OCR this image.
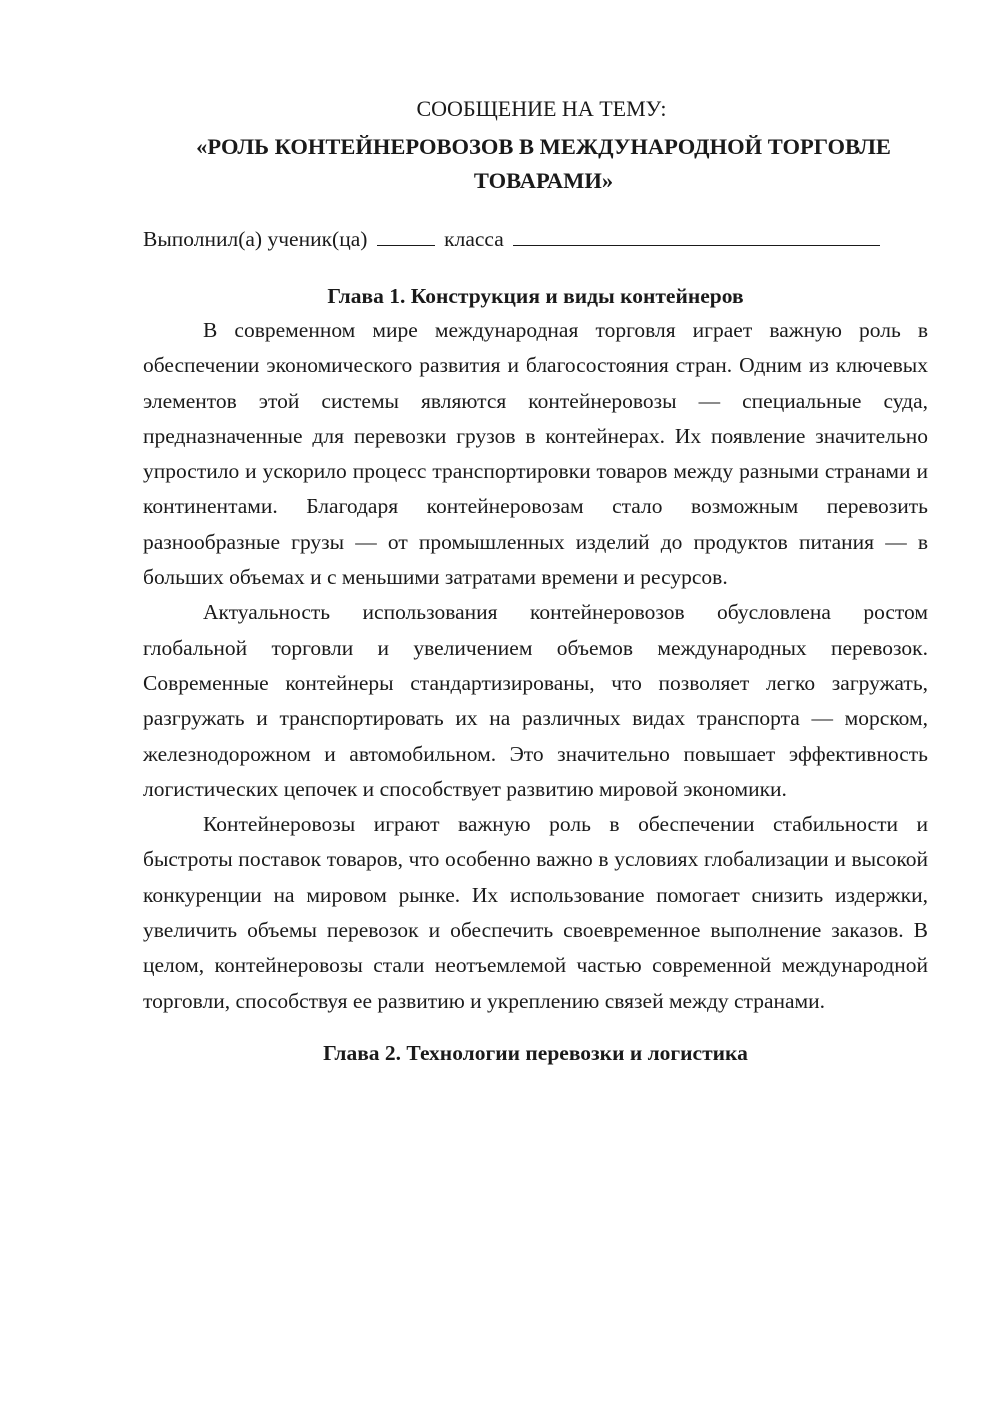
СООБЩЕНИЕ НА ТЕМУ:
«РОЛЬ КОНТЕЙНЕРОВОЗОВ В МЕЖДУНАРОДНОЙ ТОРГОВЛЕ
ТОВАРАМИ»
Выполнил(а) ученик(ца)	класса
Глава 1. Конструкция и виды контейнеров

В современном мире международная торговля играет важную роль в обеспечении экономического развития и благосостояния стран. Одним из ключевых элементов этой системы являются контейнеровозы — специальные суда, предназначенные для перевозки грузов в контейнерах. Их появление значительно упростило и ускорило процесс транспортировки товаров между разными странами и континентами. Благодаря контейнеровозам стало возможным перевозить разнообразные грузы — от промышленных изделий до продуктов питания — в больших объемах и с меньшими затратами времени и ресурсов.

Актуальность использования контейнеровозов обусловлена ростом глобальной торговли и увеличением объемов международных перевозок. Современные контейнеры стандартизированы, что позволяет легко загружать, разгружать и транспортировать их на различных видах транспорта — морском, железнодорожном и автомобильном. Это значительно повышает эффективность логистических цепочек и способствует развитию мировой экономики.

Контейнеровозы играют важную роль в обеспечении стабильности и быстроты поставок товаров, что особенно важно в условиях глобализации и высокой конкуренции на мировом рынке. Их использование помогает снизить издержки, увеличить объемы перевозок и обеспечить своевременное выполнение заказов. В целом, контейнеровозы стали неотъемлемой частью современной международной торговли, способствуя ее развитию и укреплению связей между странами.

Глава 2. Технологии перевозки и логистика
